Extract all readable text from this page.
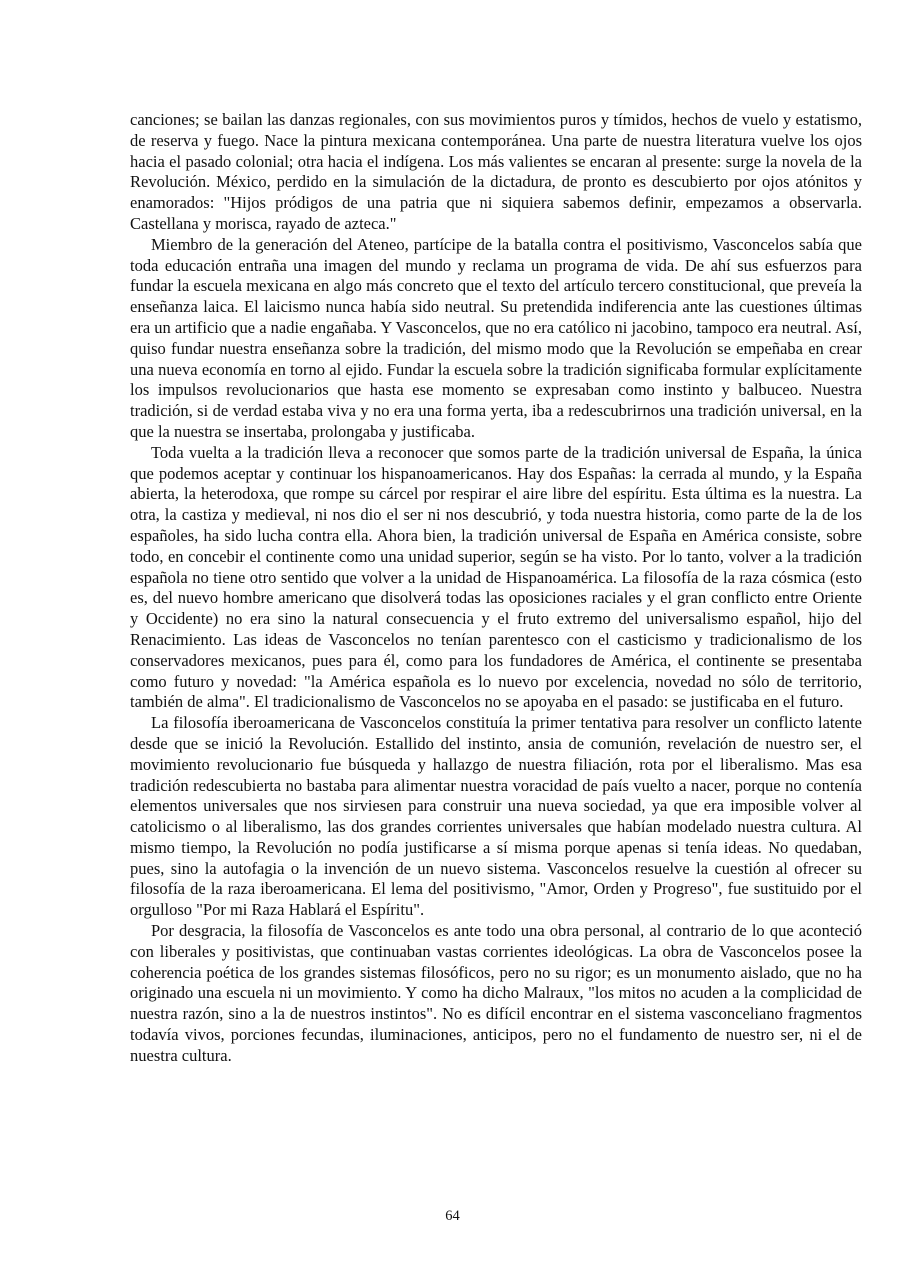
canciones; se bailan las danzas regionales, con sus movimientos puros y tímidos, hechos de vuelo y estatismo, de reserva y fuego. Nace la pintura mexicana contemporánea. Una parte de nuestra literatura vuelve los ojos hacia el pasado colonial; otra hacia el indígena. Los más valientes se encaran al presente: surge la novela de la Revolución. México, perdido en la simulación de la dictadura, de pronto es descubierto por ojos atónitos y enamorados: "Hijos pródigos de una patria que ni siquiera sabemos definir, empezamos a observarla. Castellana y morisca, rayado de azteca."

Miembro de la generación del Ateneo, partícipe de la batalla contra el positivismo, Vasconcelos sabía que toda educación entraña una imagen del mundo y reclama un programa de vida. De ahí sus esfuerzos para fundar la escuela mexicana en algo más concreto que el texto del artículo tercero constitucional, que preveía la enseñanza laica. El laicismo nunca había sido neutral. Su pretendida indiferencia ante las cuestiones últimas era un artificio que a nadie engañaba. Y Vasconcelos, que no era católico ni jacobino, tampoco era neutral. Así, quiso fundar nuestra enseñanza sobre la tradición, del mismo modo que la Revolución se empeñaba en crear una nueva economía en torno al ejido. Fundar la escuela sobre la tradición significaba formular explícitamente los impulsos revolucionarios que hasta ese momento se expresaban como instinto y balbuceo. Nuestra tradición, si de verdad estaba viva y no era una forma yerta, iba a redescubrirnos una tradición universal, en la que la nuestra se insertaba, prolongaba y justificaba.

Toda vuelta a la tradición lleva a reconocer que somos parte de la tradición universal de España, la única que podemos aceptar y continuar los hispanoamericanos. Hay dos Españas: la cerrada al mundo, y la España abierta, la heterodoxa, que rompe su cárcel por respirar el aire libre del espíritu. Esta última es la nuestra. La otra, la castiza y medieval, ni nos dio el ser ni nos descubrió, y toda nuestra historia, como parte de la de los españoles, ha sido lucha contra ella. Ahora bien, la tradición universal de España en América consiste, sobre todo, en concebir el continente como una unidad superior, según se ha visto. Por lo tanto, volver a la tradición española no tiene otro sentido que volver a la unidad de Hispanoamérica. La filosofía de la raza cósmica (esto es, del nuevo hombre americano que disolverá todas las oposiciones raciales y el gran conflicto entre Oriente y Occidente) no era sino la natural consecuencia y el fruto extremo del universalismo español, hijo del Renacimiento. Las ideas de Vasconcelos no tenían parentesco con el casticismo y tradicionalismo de los conservadores mexicanos, pues para él, como para los fundadores de América, el continente se presentaba como futuro y novedad: "la América española es lo nuevo por excelencia, novedad no sólo de territorio, también de alma". El tradicionalismo de Vasconcelos no se apoyaba en el pasado: se justificaba en el futuro.

La filosofía iberoamericana de Vasconcelos constituía la primer tentativa para resolver un conflicto latente desde que se inició la Revolución. Estallido del instinto, ansia de comunión, revelación de nuestro ser, el movimiento revolucionario fue búsqueda y hallazgo de nuestra filiación, rota por el liberalismo. Mas esa tradición redescubierta no bastaba para alimentar nuestra voracidad de país vuelto a nacer, porque no contenía elementos universales que nos sirviesen para construir una nueva sociedad, ya que era imposible volver al catolicismo o al liberalismo, las dos grandes corrientes universales que habían modelado nuestra cultura. Al mismo tiempo, la Revolución no podía justificarse a sí misma porque apenas si tenía ideas. No quedaban, pues, sino la autofagia o la invención de un nuevo sistema. Vasconcelos resuelve la cuestión al ofrecer su filosofía de la raza iberoamericana. El lema del positivismo, "Amor, Orden y Progreso", fue sustituido por el orgulloso "Por mi Raza Hablará el Espíritu".

Por desgracia, la filosofía de Vasconcelos es ante todo una obra personal, al contrario de lo que aconteció con liberales y positivistas, que continuaban vastas corrientes ideológicas. La obra de Vasconcelos posee la coherencia poética de los grandes sistemas filosóficos, pero no su rigor; es un monumento aislado, que no ha originado una escuela ni un movimiento. Y como ha dicho Malraux, "los mitos no acuden a la complicidad de nuestra razón, sino a la de nuestros instintos". No es difícil encontrar en el sistema vasconceliano fragmentos todavía vivos, porciones fecundas, iluminaciones, anticipos, pero no el fundamento de nuestro ser, ni el de nuestra cultura.

64
